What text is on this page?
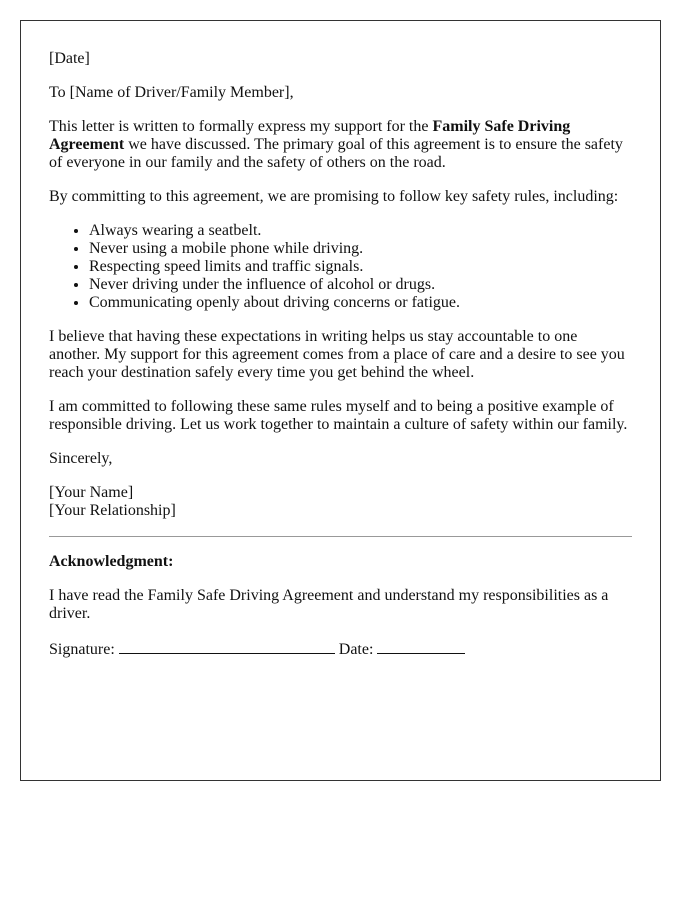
[Date]

To [Name of Driver/Family Member],

This letter is written to formally express my support for the Family Safe Driving Agreement we have discussed. The primary goal of this agreement is to ensure the safety of everyone in our family and the safety of others on the road.

By committing to this agreement, we are promising to follow key safety rules, including:

• Always wearing a seatbelt.
• Never using a mobile phone while driving.
• Respecting speed limits and traffic signals.
• Never driving under the influence of alcohol or drugs.
• Communicating openly about driving concerns or fatigue.

I believe that having these expectations in writing helps us stay accountable to one another. My support for this agreement comes from a place of care and a desire to see you reach your destination safely every time you get behind the wheel.

I am committed to following these same rules myself and to being a positive example of responsible driving. Let us work together to maintain a culture of safety within our family.

Sincerely,

[Your Name]
[Your Relationship]

Acknowledgment:

I have read the Family Safe Driving Agreement and understand my responsibilities as a driver.

Signature:	Date:
